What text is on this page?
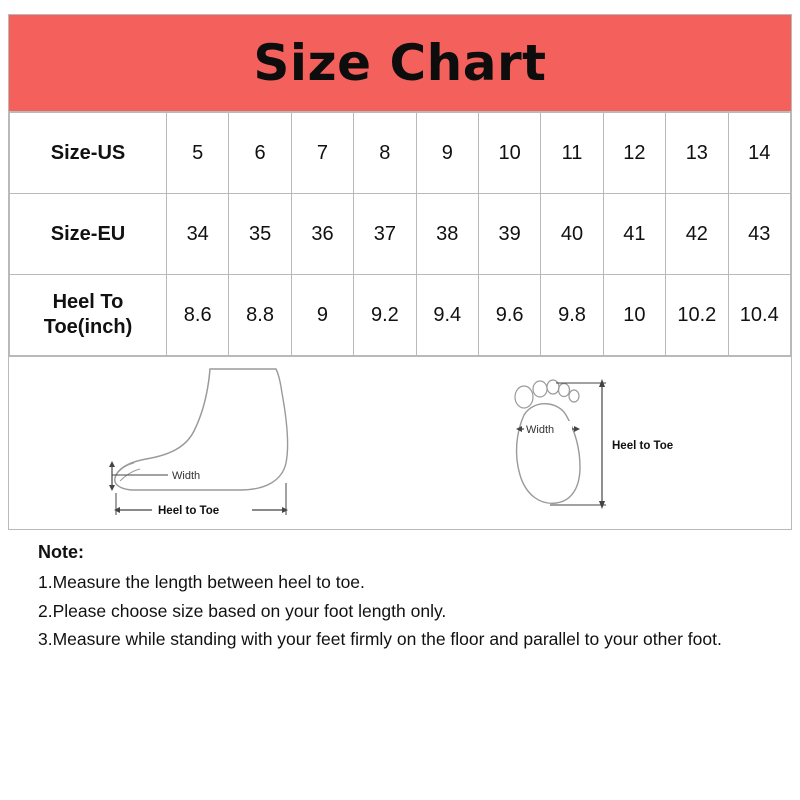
Size Chart
Size-US	5	6	7	8	9	10	11	12	13	14
Size-EU	34	35	36	37	38	39	40	41	42	43
Heel To
Toe(inch)	8.6	8.8	9	9.2	9.4	9.6	9.8	10	10.2	10.4
Width
Heel to Toe
Width
Heel to Toe
Note:
1.Measure the length between heel to toe.
2.Please choose size based on your foot length only.
3.Measure while standing with your feet firmly on the floor and parallel to your other foot.
